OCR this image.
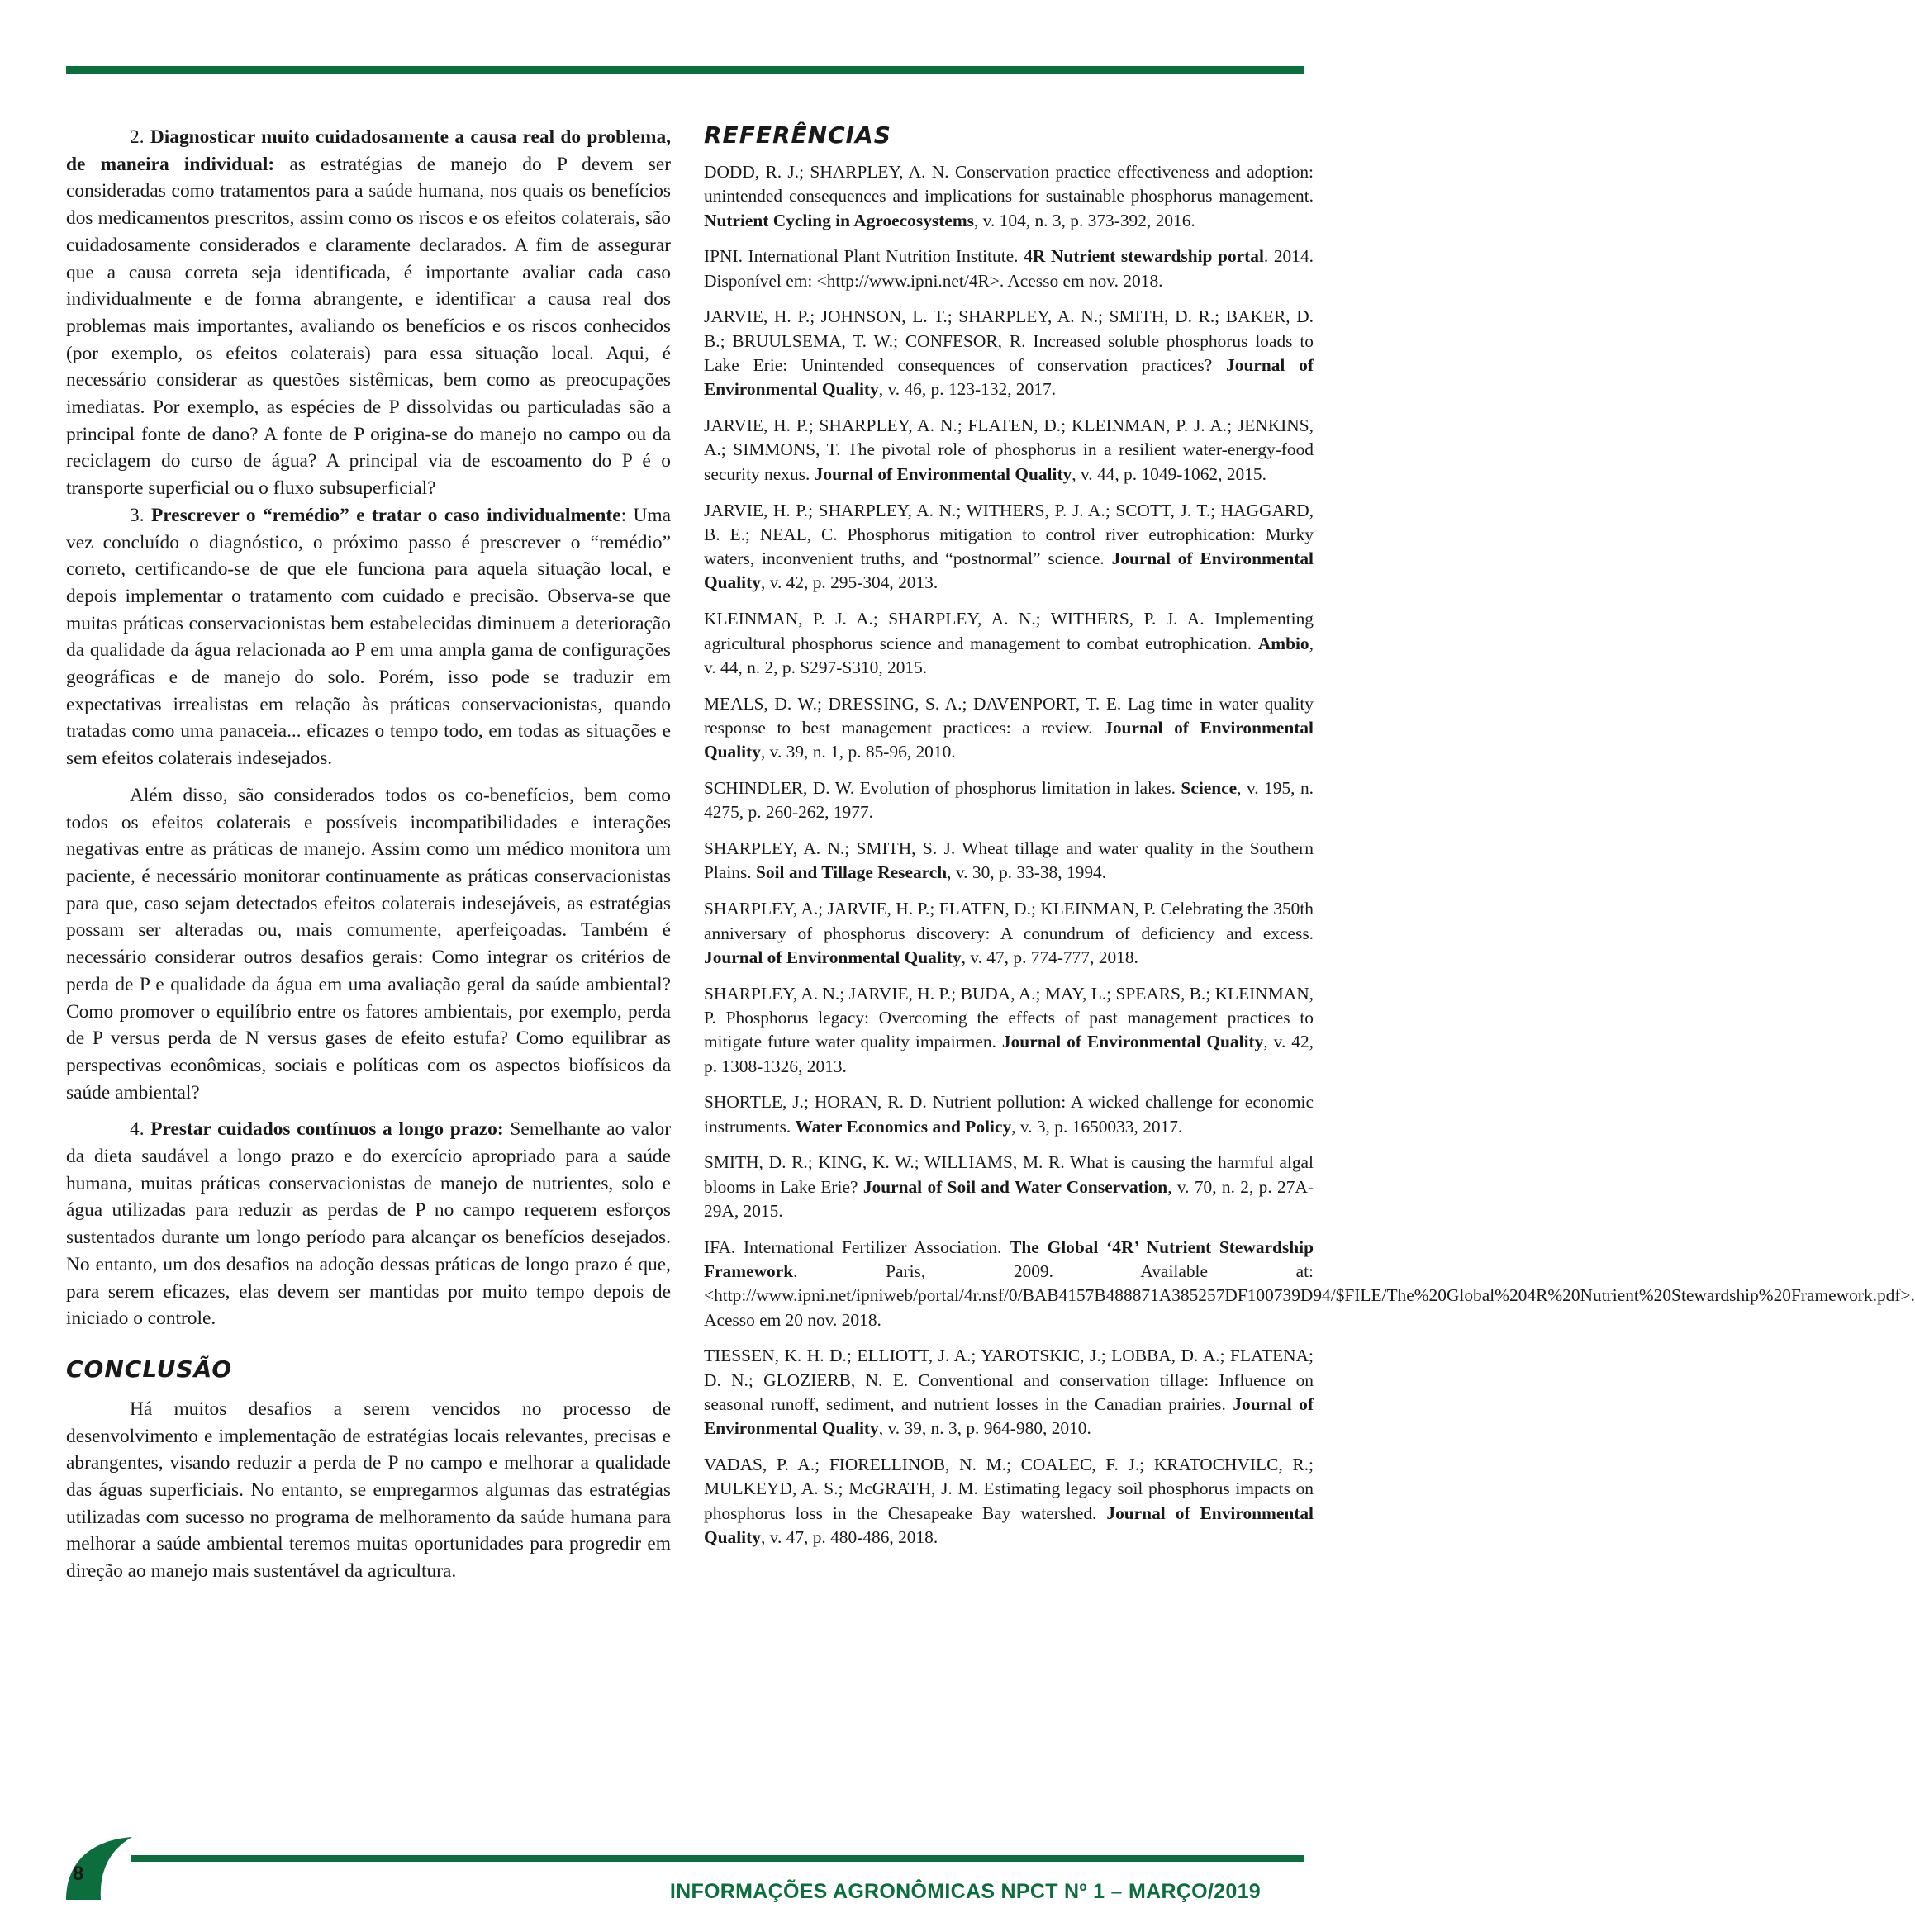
2. Diagnosticar muito cuidadosamente a causa real do problema, de maneira individual: as estratégias de manejo do P devem ser consideradas como tratamentos para a saúde humana, nos quais os benefícios dos medicamentos prescritos, assim como os riscos e os efeitos colaterais, são cuidadosamente considerados e claramente declarados. A fim de assegurar que a causa correta seja identificada, é importante avaliar cada caso individualmente e de forma abrangente, e identificar a causa real dos problemas mais importantes, avaliando os benefícios e os riscos conhecidos (por exemplo, os efeitos colaterais) para essa situação local. Aqui, é necessário considerar as questões sistêmicas, bem como as preocupações imediatas. Por exemplo, as espécies de P dissolvidas ou particuladas são a principal fonte de dano? A fonte de P origina-se do manejo no campo ou da reciclagem do curso de água? A principal via de escoamento do P é o transporte superficial ou o fluxo subsuperficial?

3. Prescrever o “remédio” e tratar o caso individualmente: Uma vez concluído o diagnóstico, o próximo passo é prescrever o “remédio” correto, certificando-se de que ele funciona para aquela situação local, e depois implementar o tratamento com cuidado e precisão. Observa-se que muitas práticas conservacionistas bem estabelecidas diminuem a deterioração da qualidade da água relacionada ao P em uma ampla gama de configurações geográficas e de manejo do solo. Porém, isso pode se traduzir em expectativas irrealistas em relação às práticas conservacionistas, quando tratadas como uma panaceia... eficazes o tempo todo, em todas as situações e sem efeitos colaterais indesejados.

Além disso, são considerados todos os co-benefícios, bem como todos os efeitos colaterais e possíveis incompatibilidades e interações negativas entre as práticas de manejo. Assim como um médico monitora um paciente, é necessário monitorar continuamente as práticas conservacionistas para que, caso sejam detectados efeitos colaterais indesejáveis, as estratégias possam ser alteradas ou, mais comumente, aperfeiçoadas. Também é necessário considerar outros desafios gerais: Como integrar os critérios de perda de P e qualidade da água em uma avaliação geral da saúde ambiental? Como promover o equilíbrio entre os fatores ambientais, por exemplo, perda de P versus perda de N versus gases de efeito estufa? Como equilibrar as perspectivas econômicas, sociais e políticas com os aspectos biofísicos da saúde ambiental?

4. Prestar cuidados contínuos a longo prazo: Semelhante ao valor da dieta saudável a longo prazo e do exercício apropriado para a saúde humana, muitas práticas conservacionistas de manejo de nutrientes, solo e água utilizadas para reduzir as perdas de P no campo requerem esforços sustentados durante um longo período para alcançar os benefícios desejados. No entanto, um dos desafios na adoção dessas práticas de longo prazo é que, para serem eficazes, elas devem ser mantidas por muito tempo depois de iniciado o controle.

CONCLUSÃO

Há muitos desafios a serem vencidos no processo de desenvolvimento e implementação de estratégias locais relevantes, precisas e abrangentes, visando reduzir a perda de P no campo e melhorar a qualidade das águas superficiais. No entanto, se empregarmos algumas das estratégias utilizadas com sucesso no programa de melhoramento da saúde humana para melhorar a saúde ambiental teremos muitas oportunidades para progredir em direção ao manejo mais sustentável da agricultura.

REFERÊNCIAS

DODD, R. J.; SHARPLEY, A. N. Conservation practice effectiveness and adoption: unintended consequences and implications for sustainable phosphorus management. Nutrient Cycling in Agroecosystems, v. 104, n. 3, p. 373-392, 2016.

IPNI. International Plant Nutrition Institute. 4R Nutrient stewardship portal. 2014. Disponível em: <http://www.ipni.net/4R>. Acesso em nov. 2018.

JARVIE, H. P.; JOHNSON, L. T.; SHARPLEY, A. N.; SMITH, D. R.; BAKER, D. B.; BRUULSEMA, T. W.; CONFESOR, R. Increased soluble phosphorus loads to Lake Erie: Unintended consequences of conservation practices? Journal of Environmental Quality, v. 46, p. 123-132, 2017.

JARVIE, H. P.; SHARPLEY, A. N.; FLATEN, D.; KLEINMAN, P. J. A.; JENKINS, A.; SIMMONS, T. The pivotal role of phosphorus in a resilient water-energy-food security nexus. Journal of Environmental Quality, v. 44, p. 1049-1062, 2015.

JARVIE, H. P.; SHARPLEY, A. N.; WITHERS, P. J. A.; SCOTT, J. T.; HAGGARD, B. E.; NEAL, C. Phosphorus mitigation to control river eutrophication: Murky waters, inconvenient truths, and “postnormal” science. Journal of Environmental Quality, v. 42, p. 295-304, 2013.

KLEINMAN, P. J. A.; SHARPLEY, A. N.; WITHERS, P. J. A. Implementing agricultural phosphorus science and management to combat eutrophication. Ambio, v. 44, n. 2, p. S297-S310, 2015.

MEALS, D. W.; DRESSING, S. A.; DAVENPORT, T. E. Lag time in water quality response to best management practices: a review. Journal of Environmental Quality, v. 39, n. 1, p. 85-96, 2010.

SCHINDLER, D. W. Evolution of phosphorus limitation in lakes. Science, v. 195, n. 4275, p. 260-262, 1977.

SHARPLEY, A. N.; SMITH, S. J. Wheat tillage and water quality in the Southern Plains. Soil and Tillage Research, v. 30, p. 33-38, 1994.

SHARPLEY, A.; JARVIE, H. P.; FLATEN, D.; KLEINMAN, P. Celebrating the 350th anniversary of phosphorus discovery: A conundrum of deficiency and excess. Journal of Environmental Quality, v. 47, p. 774-777, 2018.

SHARPLEY, A. N.; JARVIE, H. P.; BUDA, A.; MAY, L.; SPEARS, B.; KLEINMAN, P. Phosphorus legacy: Overcoming the effects of past management practices to mitigate future water quality impairmen. Journal of Environmental Quality, v. 42, p. 1308-1326, 2013.

SHORTLE, J.; HORAN, R. D. Nutrient pollution: A wicked challenge for economic instruments. Water Economics and Policy, v. 3, p. 1650033, 2017.

SMITH, D. R.; KING, K. W.; WILLIAMS, M. R. What is causing the harmful algal blooms in Lake Erie? Journal of Soil and Water Conservation, v. 70, n. 2, p. 27A-29A, 2015.

IFA. International Fertilizer Association. The Global ‘4R’ Nutrient Stewardship Framework. Paris, 2009. Available at: <http://www.ipni.net/ipniweb/portal/4r.nsf/0/BAB4157B488871A385257DF100739D94/$FILE/The%20Global%204R%20Nutrient%20Stewardship%20Framework.pdf>. Acesso em 20 nov. 2018.

TIESSEN, K. H. D.; ELLIOTT, J. A.; YAROTSKIC, J.; LOBBA, D. A.; FLATENA; D. N.; GLOZIERB, N. E. Conventional and conservation tillage: Influence on seasonal runoff, sediment, and nutrient losses in the Canadian prairies. Journal of Environmental Quality, v. 39, n. 3, p. 964-980, 2010.

VADAS, P. A.; FIORELLINOB, N. M.; COALEC, F. J.; KRATOCHVILC, R.; MULKEYD, A. S.; McGRATH, J. M. Estimating legacy soil phosphorus impacts on phosphorus loss in the Chesapeake Bay watershed. Journal of Environmental Quality, v. 47, p. 480-486, 2018.

8
INFORMAÇÕES AGRONÔMICAS NPCT Nº 1 – MARÇO/2019
